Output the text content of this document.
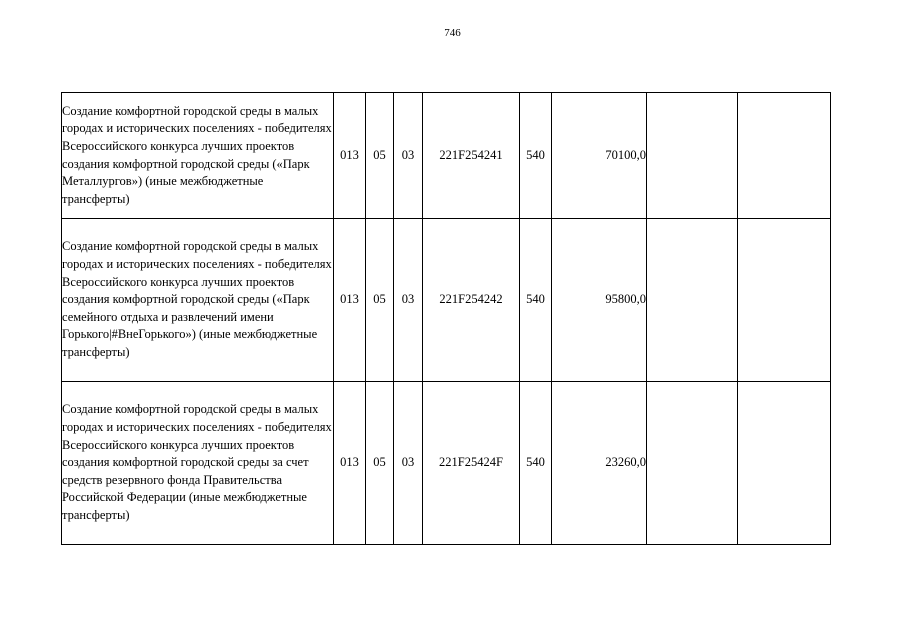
746
Создание комфортной городской среды в малых городах и исторических поселениях - победителях Всероссийского конкурса лучших проектов создания комфортной городской среды («Парк Металлургов») (иные межбюджетные трансферты)	013	05	03	221F254241	540	70100,0		
Создание комфортной городской среды в малых городах и исторических поселениях - победителях Всероссийского конкурса лучших проектов создания комфортной городской среды («Парк семейного отдыха и развлечений имени Горького|#ВнеГорького») (иные межбюджетные трансферты)	013	05	03	221F254242	540	95800,0		
Создание комфортной городской среды в малых городах и исторических поселениях - победителях Всероссийского конкурса лучших проектов создания комфортной городской среды за счет средств резервного фонда Правительства Российской Федерации (иные межбюджетные трансферты)	013	05	03	221F25424F	540	23260,0		
